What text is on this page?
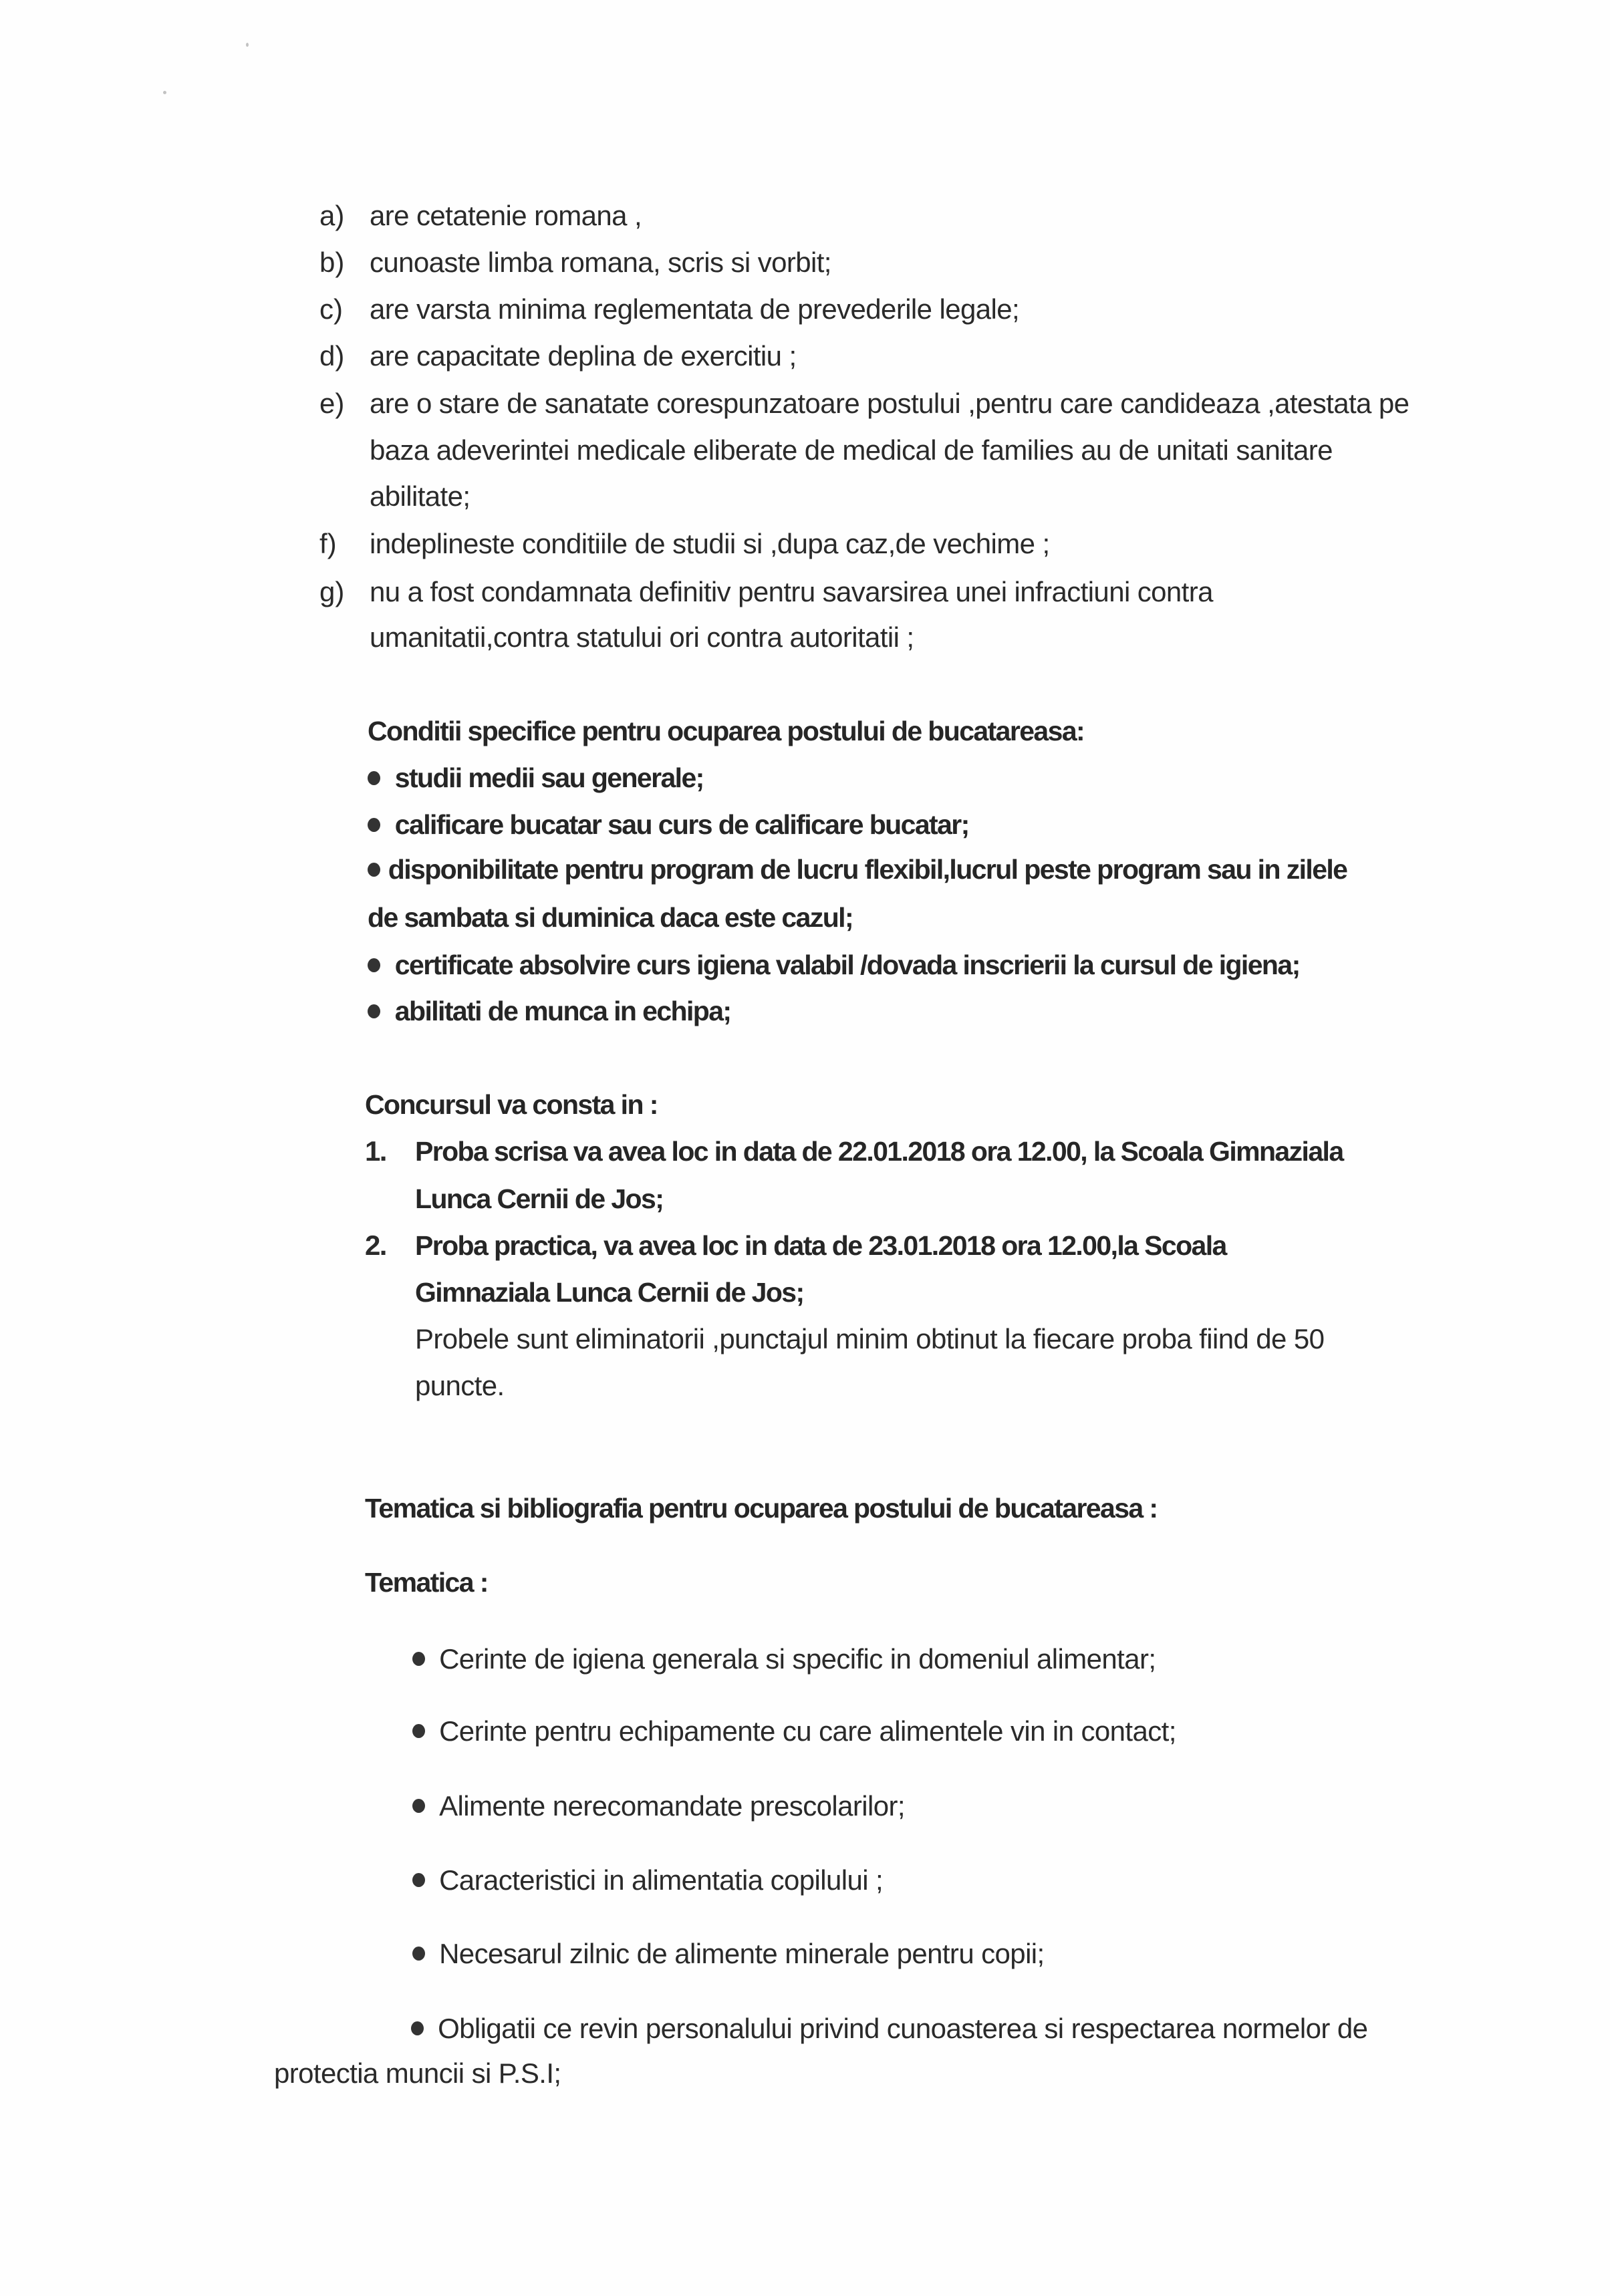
a) are cetatenie romana ,
b) cunoaste limba romana, scris si vorbit;
c) are varsta minima reglementata de prevederile legale;
d) are capacitate deplina de exercitiu ;
e) are o stare de sanatate corespunzatoare postului ,pentru care candideaza ,atestata pe
baza adeverintei medicale eliberate de medical de families au de unitati sanitare
abilitate;
f) indeplineste conditiile de studii si ,dupa caz,de vechime ;
g) nu a fost condamnata definitiv pentru savarsirea unei infractiuni contra
umanitatii,contra statului ori contra autoritatii ;
Conditii specifice pentru ocuparea postului de bucatareasa:
studii medii sau generale;
calificare bucatar sau curs de calificare bucatar;
disponibilitate pentru program de lucru flexibil,lucrul peste program sau in zilele
de sambata si duminica daca este cazul;
certificate absolvire curs igiena valabil /dovada inscrierii la cursul de igiena;
abilitati de munca in echipa;
Concursul va consta in :
1. Proba scrisa va avea loc in data de 22.01.2018 ora 12.00, la Scoala Gimnaziala
Lunca Cernii de Jos;
2. Proba practica, va avea loc in data de 23.01.2018 ora 12.00,la Scoala
Gimnaziala Lunca Cernii de Jos;
Probele sunt eliminatorii ,punctajul minim obtinut la fiecare proba fiind de 50
puncte.
Tematica si bibliografia pentru ocuparea postului de bucatareasa :
Tematica :
Cerinte de igiena generala si specific in domeniul alimentar;
Cerinte pentru echipamente cu care alimentele vin in contact;
Alimente nerecomandate prescolarilor;
Caracteristici in alimentatia copilului ;
Necesarul zilnic de alimente minerale pentru copii;
Obligatii ce revin personalului privind cunoasterea si respectarea normelor de
protectia muncii si P.S.I;
